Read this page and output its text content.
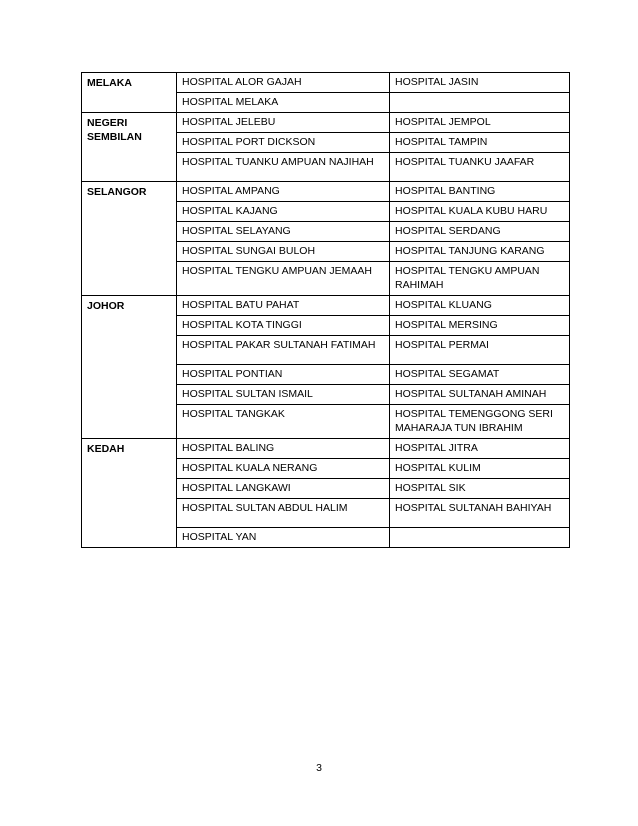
MELAKA	HOSPITAL ALOR GAJAH	HOSPITAL JASIN
	HOSPITAL MELAKA	
NEGERI SEMBILAN	HOSPITAL JELEBU	HOSPITAL JEMPOL
	HOSPITAL PORT DICKSON	HOSPITAL TAMPIN
	HOSPITAL TUANKU AMPUAN NAJIHAH	HOSPITAL TUANKU JAAFAR
SELANGOR	HOSPITAL AMPANG	HOSPITAL BANTING
	HOSPITAL KAJANG	HOSPITAL KUALA KUBU HARU
	HOSPITAL SELAYANG	HOSPITAL SERDANG
	HOSPITAL SUNGAI BULOH	HOSPITAL TANJUNG KARANG
	HOSPITAL TENGKU AMPUAN JEMAAH	HOSPITAL TENGKU AMPUAN RAHIMAH
JOHOR	HOSPITAL BATU PAHAT	HOSPITAL KLUANG
	HOSPITAL KOTA TINGGI	HOSPITAL MERSING
	HOSPITAL PAKAR SULTANAH FATIMAH	HOSPITAL PERMAI
	HOSPITAL PONTIAN	HOSPITAL SEGAMAT
	HOSPITAL SULTAN ISMAIL	HOSPITAL SULTANAH AMINAH
	HOSPITAL TANGKAK	HOSPITAL TEMENGGONG SERI MAHARAJA TUN IBRAHIM
KEDAH	HOSPITAL BALING	HOSPITAL JITRA
	HOSPITAL KUALA NERANG	HOSPITAL KULIM
	HOSPITAL LANGKAWI	HOSPITAL SIK
	HOSPITAL SULTAN ABDUL HALIM	HOSPITAL SULTANAH BAHIYAH
	HOSPITAL YAN	
3
